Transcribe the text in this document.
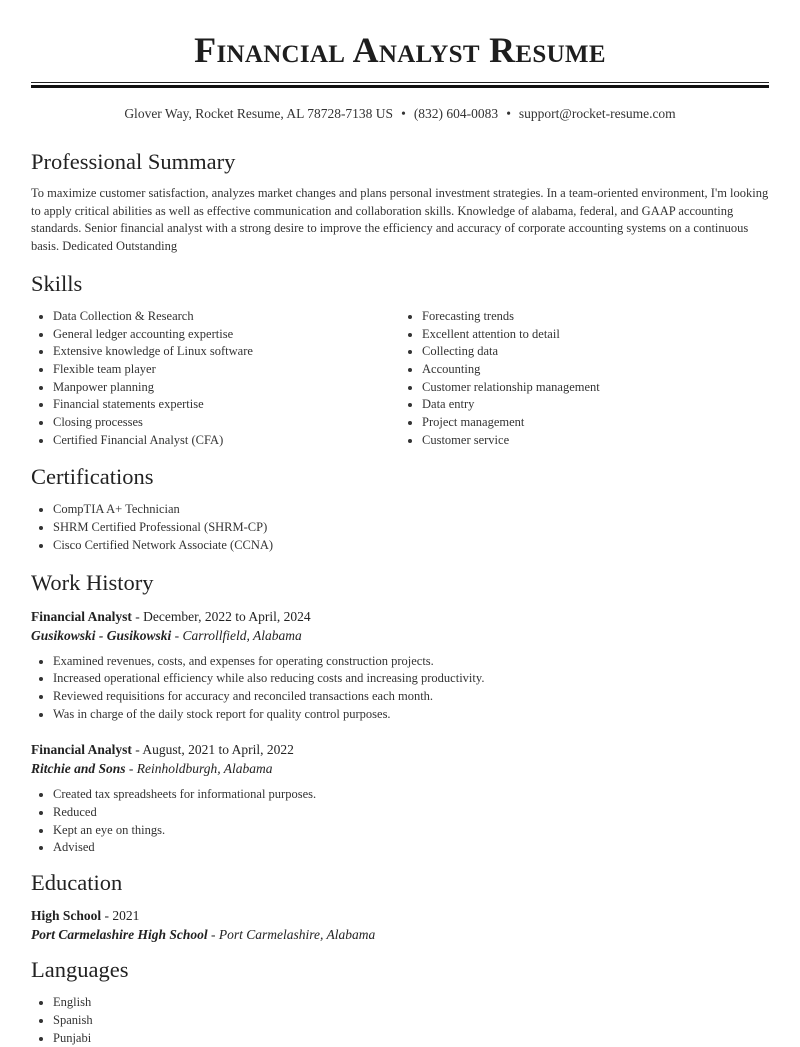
Financial Analyst Resume
Glover Way, Rocket Resume, AL 78728-7138 US • (832) 604-0083 • support@rocket-resume.com
Professional Summary

To maximize customer satisfaction, analyzes market changes and plans personal investment strategies. In a team-oriented environment, I'm looking to apply critical abilities as well as effective communication and collaboration skills. Knowledge of alabama, federal, and GAAP accounting standards. Senior financial analyst with a strong desire to improve the efficiency and accuracy of corporate accounting systems on a continuous basis. Dedicated Outstanding

Skills
• Data Collection & Research
• General ledger accounting expertise
• Extensive knowledge of Linux software
• Flexible team player
• Manpower planning
• Financial statements expertise
• Closing processes
• Certified Financial Analyst (CFA)
• Forecasting trends
• Excellent attention to detail
• Collecting data
• Accounting
• Customer relationship management
• Data entry
• Project management
• Customer service
Certifications
• CompTIA A+ Technician
• SHRM Certified Professional (SHRM-CP)
• Cisco Certified Network Associate (CCNA)
Work History
Financial Analyst - December, 2022 to April, 2024
Gusikowski - Gusikowski - Carrollfield, Alabama
• Examined revenues, costs, and expenses for operating construction projects.
• Increased operational efficiency while also reducing costs and increasing productivity.
• Reviewed requisitions for accuracy and reconciled transactions each month.
• Was in charge of the daily stock report for quality control purposes.
Financial Analyst - August, 2021 to April, 2022
Ritchie and Sons - Reinholdburgh, Alabama
• Created tax spreadsheets for informational purposes.
• Reduced
• Kept an eye on things.
• Advised
Education
High School - 2021
Port Carmelashire High School - Port Carmelashire, Alabama
Languages
• English
• Spanish
• Punjabi
